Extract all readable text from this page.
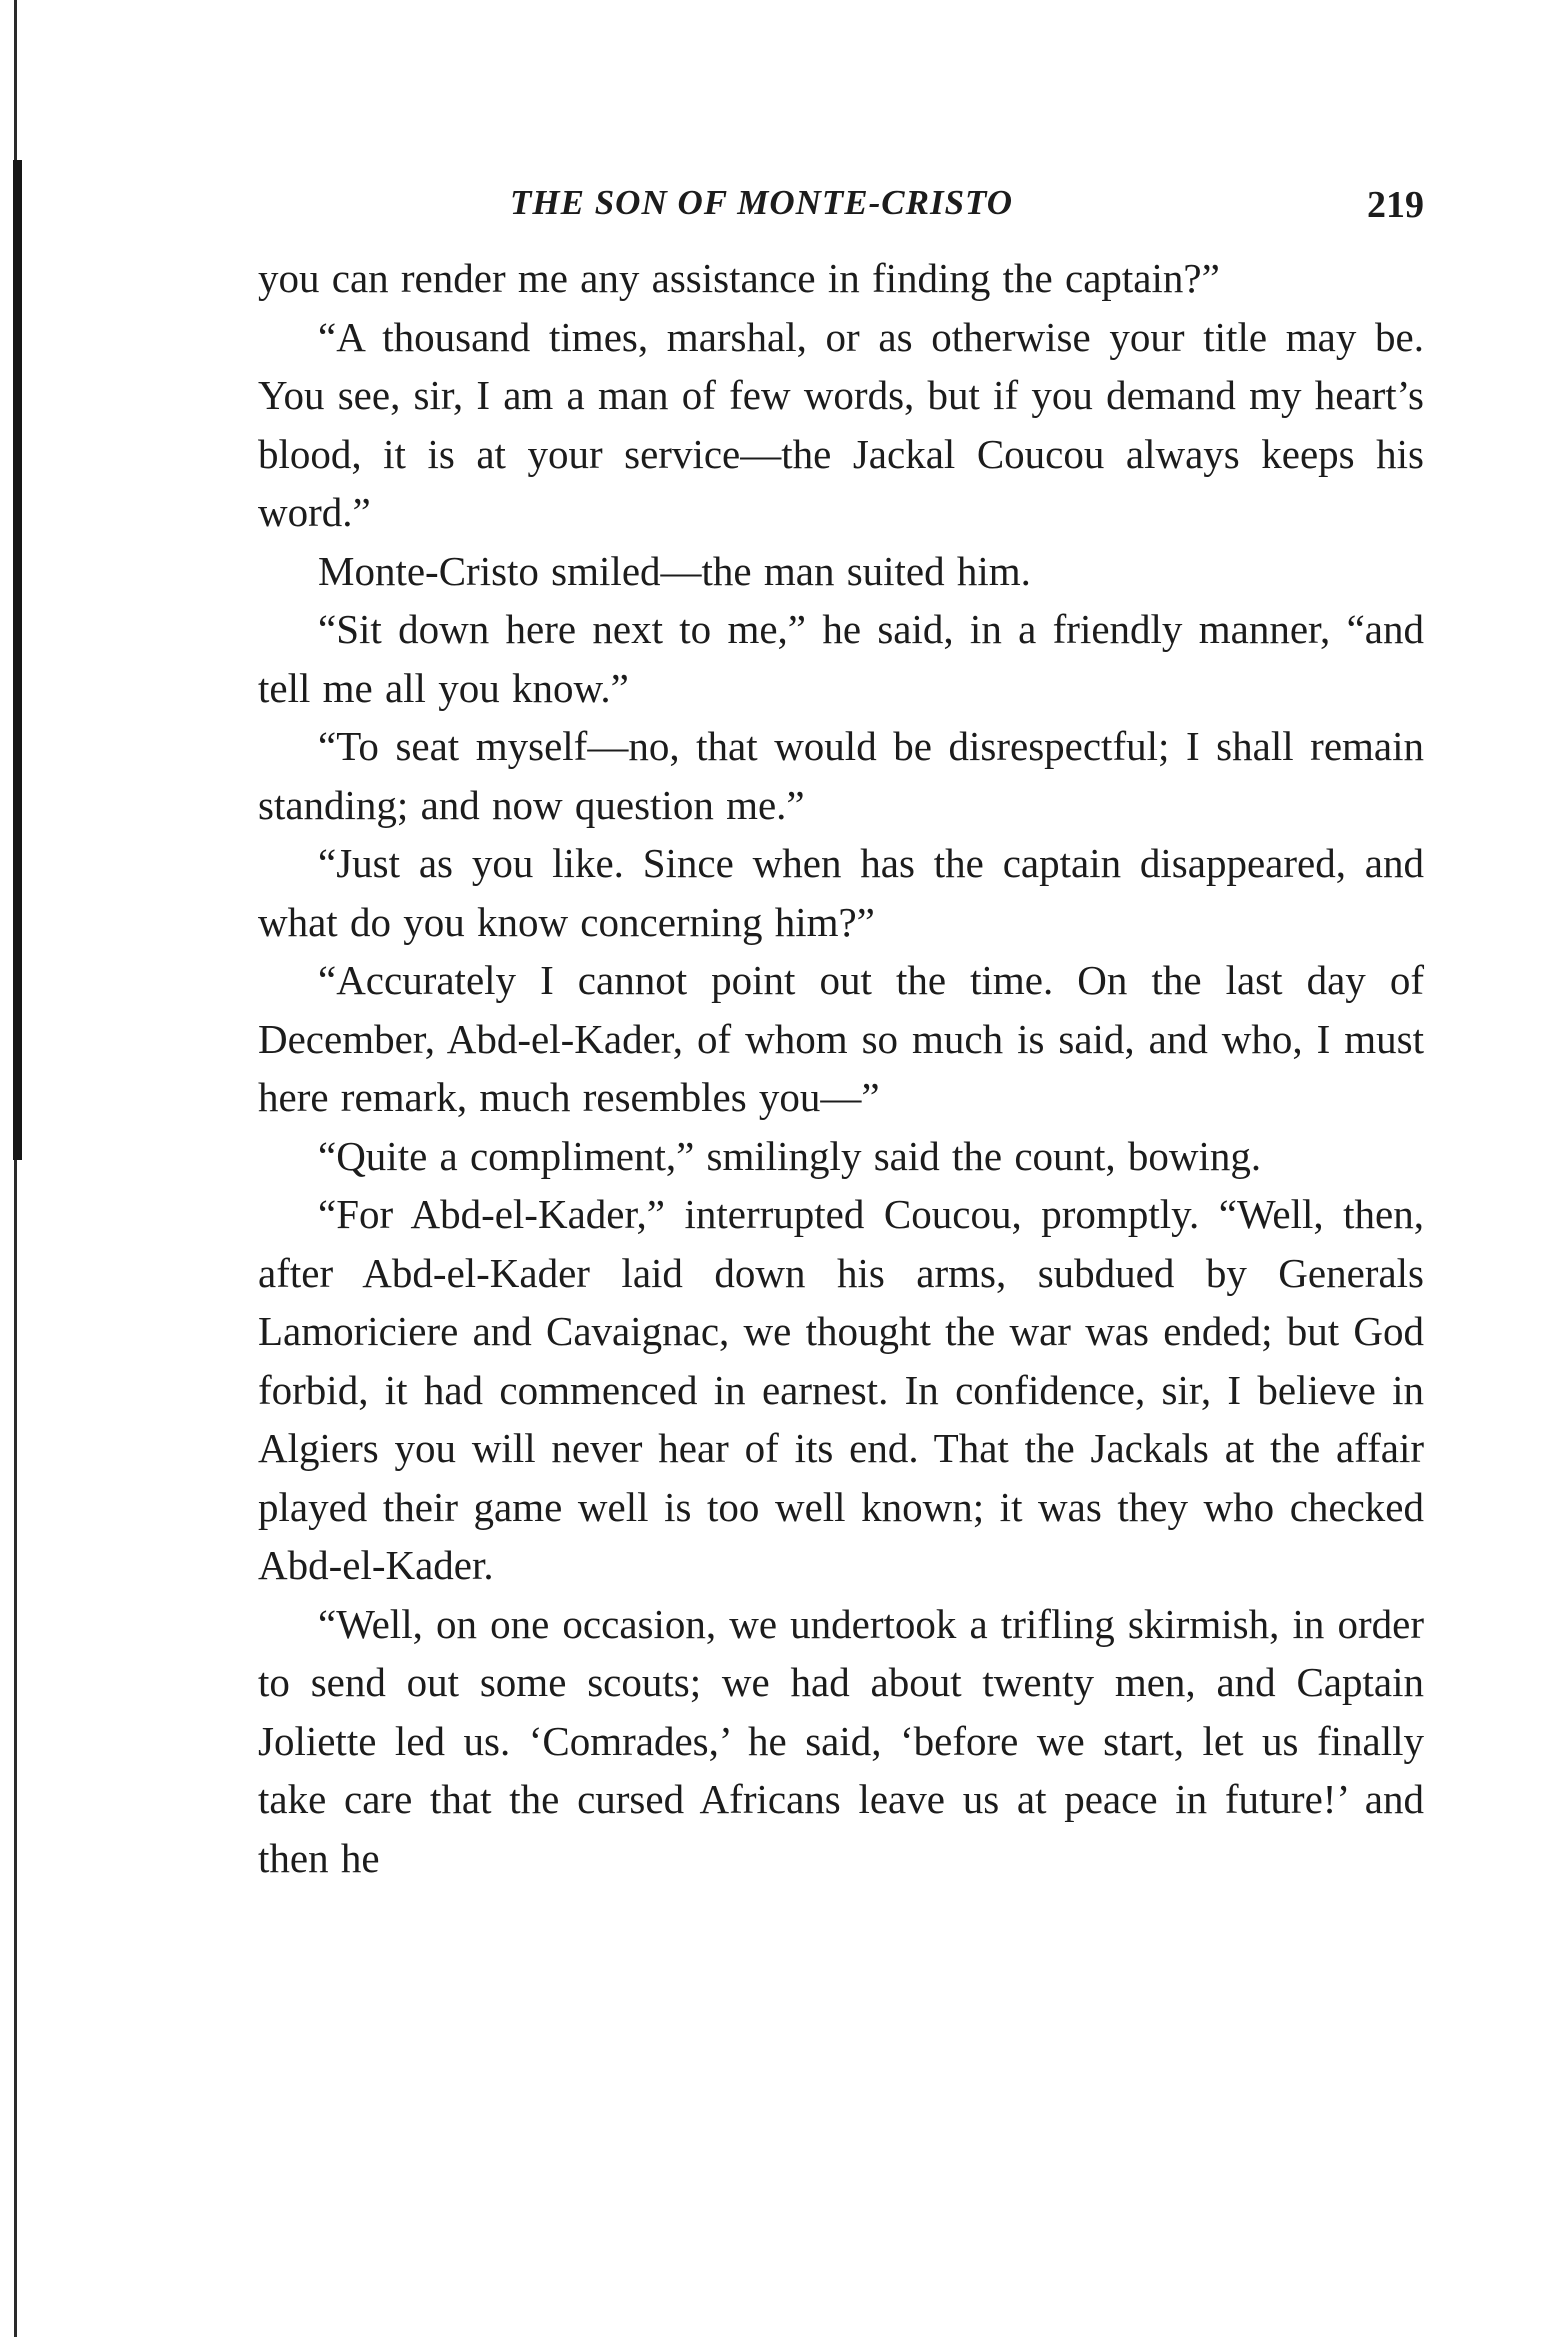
THE SON OF MONTE-CRISTO	219

you can render me any assistance in finding the captain?”

“A thousand times, marshal, or as otherwise your title may be. You see, sir, I am a man of few words, but if you demand my heart’s blood, it is at your service—the Jackal Coucou always keeps his word.”

Monte-Cristo smiled—the man suited him.

“Sit down here next to me,” he said, in a friendly manner, “and tell me all you know.”

“To seat myself—no, that would be disrespectful; I shall remain standing; and now question me.”

“Just as you like. Since when has the captain disappeared, and what do you know concerning him?”

“Accurately I cannot point out the time. On the last day of December, Abd-el-Kader, of whom so much is said, and who, I must here remark, much resembles you—”

“Quite a compliment,” smilingly said the count, bowing.

“For Abd-el-Kader,” interrupted Coucou, promptly. “Well, then, after Abd-el-Kader laid down his arms, subdued by Generals Lamoriciere and Cavaignac, we thought the war was ended; but God forbid, it had commenced in earnest. In confidence, sir, I believe in Algiers you will never hear of its end. That the Jackals at the affair played their game well is too well known; it was they who checked Abd-el-Kader.

“Well, on one occasion, we undertook a trifling skirmish, in order to send out some scouts; we had about twenty men, and Captain Joliette led us. ‘Comrades,’ he said, ‘before we start, let us finally take care that the cursed Africans leave us at peace in future!’ and then he
